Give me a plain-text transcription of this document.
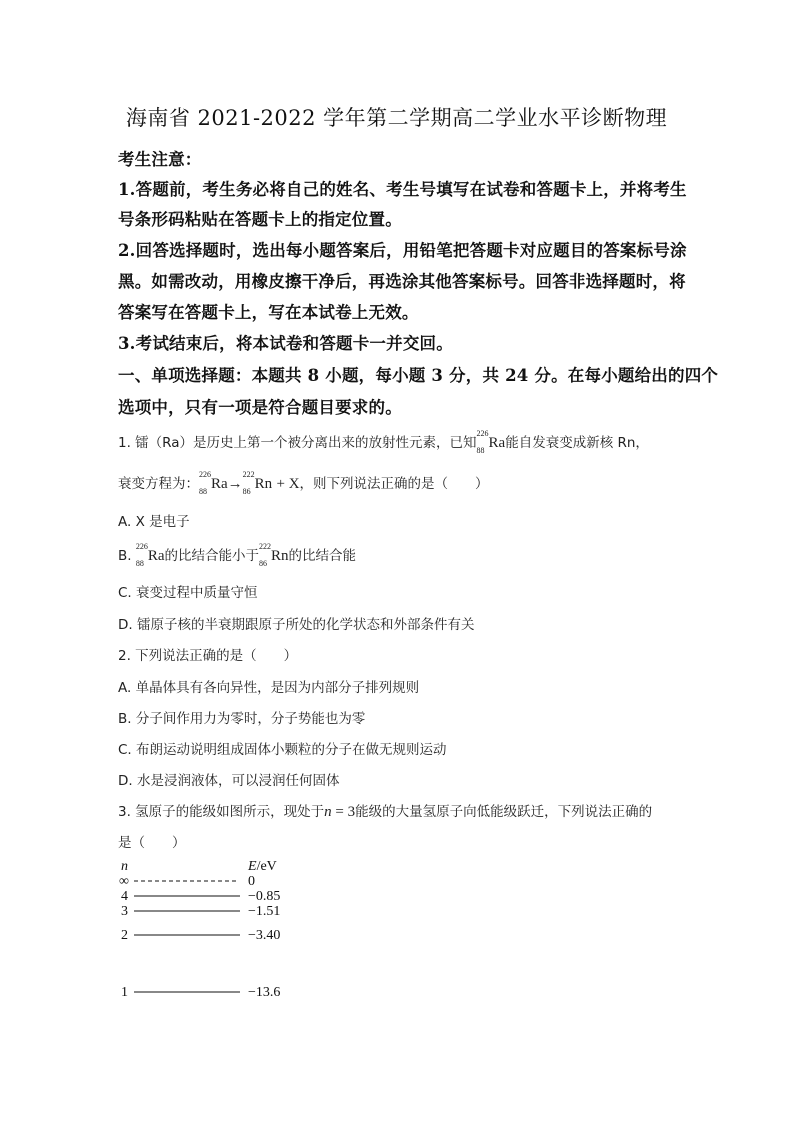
海南省 2021-2022 学年第二学期高二学业水平诊断物理
考生注意：
1.答题前，考生务必将自己的姓名、考生号填写在试卷和答题卡上，并将考生
号条形码粘贴在答题卡上的指定位置。
2.回答选择题时，选出每小题答案后，用铅笔把答题卡对应题目的答案标号涂
黑。如需改动，用橡皮擦干净后，再选涂其他答案标号。回答非选择题时，将
答案写在答题卡上，写在本试卷上无效。
3.考试结束后，将本试卷和答题卡一并交回。
一、单项选择题：本题共 8 小题，每小题 3 分，共 24 分。在每小题给出的四个
选项中，只有一项是符合题目要求的。
1. 镭（Ra）是历史上第一个被分离出来的放射性元素，已知
226
88 Ra能自发衰变成新核 Rn，
衰变方程为：
226
88 Ra→
222
86 Rn + X，则下列说法正确的是（　　）
A. X 是电子
B.
226
88 Ra的比结合能小于
222
86 Rn的比结合能
C. 衰变过程中质量守恒
D. 镭原子核的半衰期跟原子所处的化学状态和外部条件有关
2. 下列说法正确的是（　　）
A. 单晶体具有各向异性，是因为内部分子排列规则
B. 分子间作用力为零时，分子势能也为零
C. 布朗运动说明组成固体小颗粒的分子在做无规则运动
D. 水是浸润液体，可以浸润任何固体
3. 氢原子的能级如图所示，现处于n = 3能级的大量氢原子向低能级跃迁，下列说法正确的
是（　　）
n	E/eV
∞	0
4	−0.85
3	−1.51
2	−3.40
1	−13.6
